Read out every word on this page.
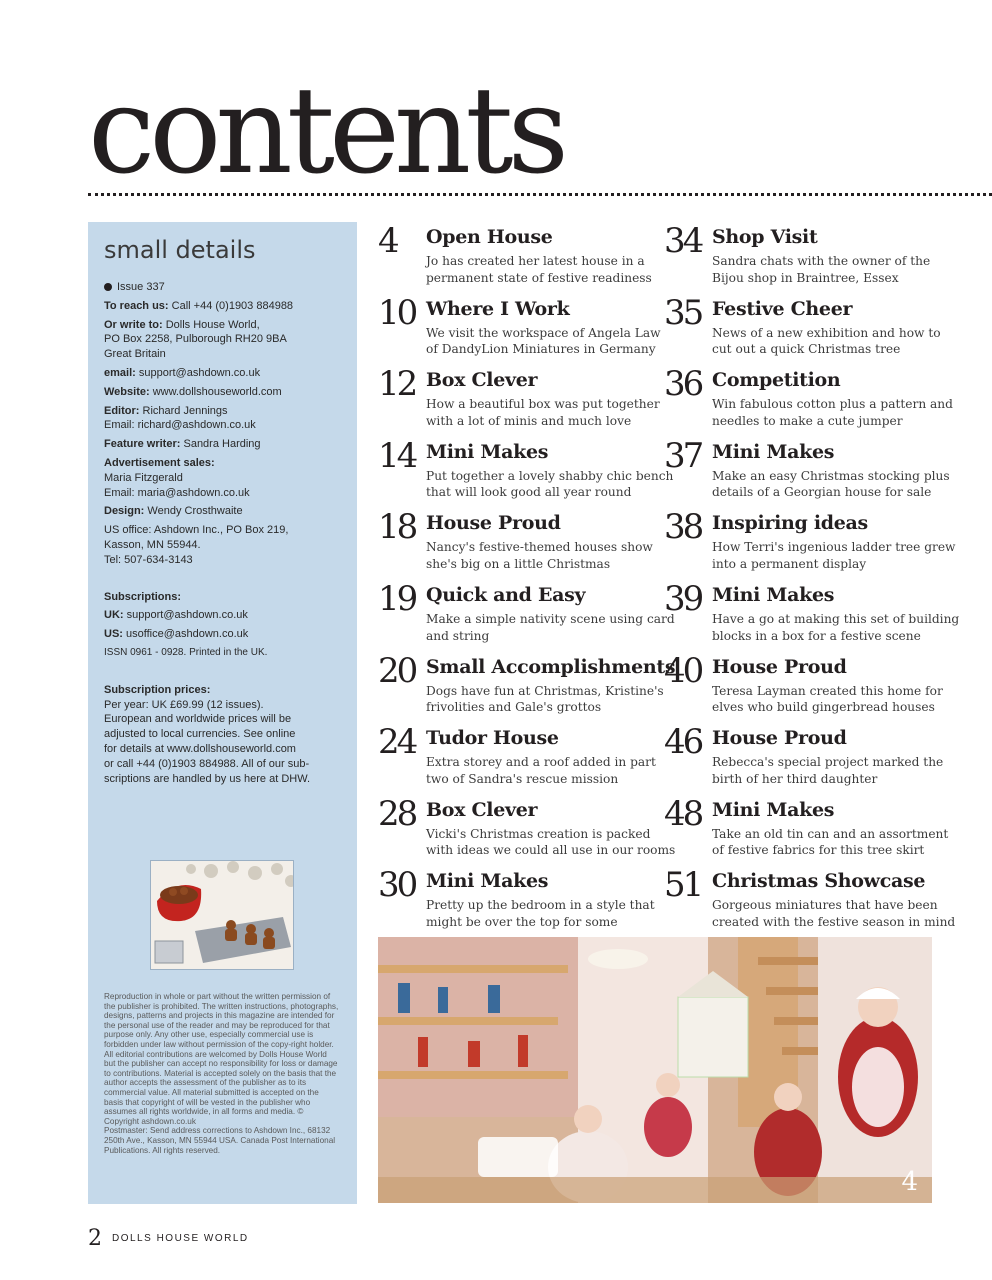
contents
small details
Issue 337
To reach us: Call +44 (0)1903 884988
Or write to: Dolls House World,
PO Box 2258, Pulborough RH20 9BA
Great Britain
email: support@ashdown.co.uk
Website: www.dollshouseworld.com
Editor: Richard Jennings
Email: richard@ashdown.co.uk
Feature writer: Sandra Harding
Advertisement sales:
Maria Fitzgerald
Email: maria@ashdown.co.uk
Design: Wendy Crosthwaite
US office: Ashdown Inc., PO Box 219,
Kasson, MN 55944.
Tel: 507-634-3143
Subscriptions:
UK: support@ashdown.co.uk
US: usoffice@ashdown.co.uk
ISSN 0961 - 0928. Printed in the UK.
Subscription prices:
Per year: UK £69.99 (12 issues).
European and worldwide prices will be
adjusted to local currencies. See online
for details at www.dollshouseworld.com
or call +44 (0)1903 884988. All of our sub-
scriptions are handled by us here at DHW.
Reproduction in whole or part without the written permission of the publisher is prohibited. The written instructions, photographs, designs, patterns and projects in this magazine are intended for the personal use of the reader and may be reproduced for that purpose only. Any other use, especially commercial use is forbidden under law without permission of the copy-right holder. All editorial contributions are welcomed by Dolls House World but the publisher can accept no responsibility for loss or damage to contributions. Material is accepted solely on the basis that the author accepts the assessment of the publisher as to its commercial value. All material submitted is accepted on the basis that copyright of will be vested in the publisher who assumes all rights worldwide, in all forms and media. © Copyright ashdown.co.uk
Postmaster: Send address corrections to Ashdown Inc., 68132 250th Ave., Kasson, MN 55944 USA. Canada Post International Publications. All rights reserved.
4 Open House
Jo has created her latest house in a permanent state of festive readiness
10 Where I Work
We visit the workspace of Angela Law of DandyLion Miniatures in Germany
12 Box Clever
How a beautiful box was put together with a lot of minis and much love
14 Mini Makes
Put together a lovely shabby chic bench that will look good all year round
18 House Proud
Nancy's festive-themed houses show she's big on a little Christmas
19 Quick and Easy
Make a simple nativity scene using card and string
20 Small Accomplishments
Dogs have fun at Christmas, Kristine's frivolities and Gale's grottos
24 Tudor House
Extra storey and a roof added in part two of Sandra's rescue mission
28 Box Clever
Vicki's Christmas creation is packed with ideas we could all use in our rooms
30 Mini Makes
Pretty up the bedroom in a style that might be over the top for some
34 Shop Visit
Sandra chats with the owner of the Bijou shop in Braintree, Essex
35 Festive Cheer
News of a new exhibition and how to cut out a quick Christmas tree
36 Competition
Win fabulous cotton plus a pattern and needles to make a cute jumper
37 Mini Makes
Make an easy Christmas stocking plus details of a Georgian house for sale
38 Inspiring ideas
How Terri's ingenious ladder tree grew into a permanent display
39 Mini Makes
Have a go at making this set of building blocks in a box for a festive scene
40 House Proud
Teresa Layman created this home for elves who build gingerbread houses
46 House Proud
Rebecca's special project marked the birth of her third daughter
48 Mini Makes
Take an old tin can and an assortment of festive fabrics for this tree skirt
51 Christmas Showcase
Gorgeous miniatures that have been created with the festive season in mind
4
2 DOLLS HOUSE WORLD
